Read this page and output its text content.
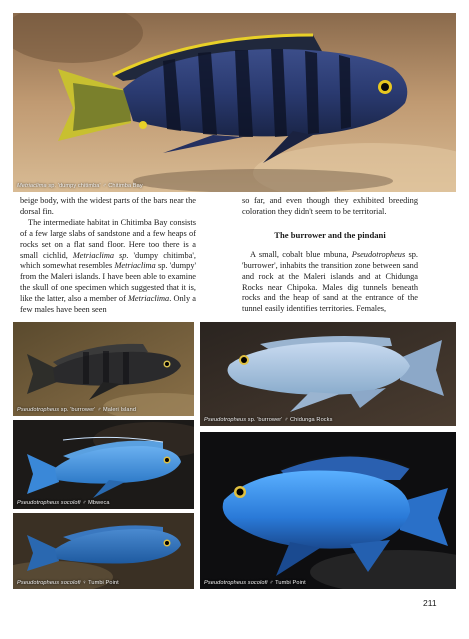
Metriaclima sp. 'dumpy chitimba' ♂ Chitimba Bay

beige body, with the widest parts of the bars near the dorsal fin.

The intermediate habitat in Chitimba Bay consists of a few large slabs of sandstone and a few heaps of rocks set on a flat sand floor. Here too there is a small cichlid, Metriaclima sp. 'dumpy chitimba', which somewhat resembles Metriaclima sp. 'dumpy' from the Maleri islands. I have been able to examine the skull of one specimen which suggested that it is, like the latter, also a member of Metriaclima. Only a few males have been seen

so far, and even though they exhibited breeding coloration they didn't seem to be territorial.

The burrower and the pindani

A small, cobalt blue mbuna, Pseudotropheus sp. 'burrower', inhabits the transition zone between sand and rock at the Maleri islands and at Chidunga Rocks near Chipoka. Males dig tunnels beneath rocks and the heap of sand at the entrance of the tunnel easily identifies territories. Females,

Pseudotropheus sp. 'burrower' ♂ Maleri Island
Pseudotropheus sp. 'burrower' ♂ Chidunga Rocks
Pseudotropheus socolofi ♂ Mbweca
Pseudotropheus socolofi ♀ Tumbi Point	Pseudotropheus socolofi ♂ Tumbi Point
211
